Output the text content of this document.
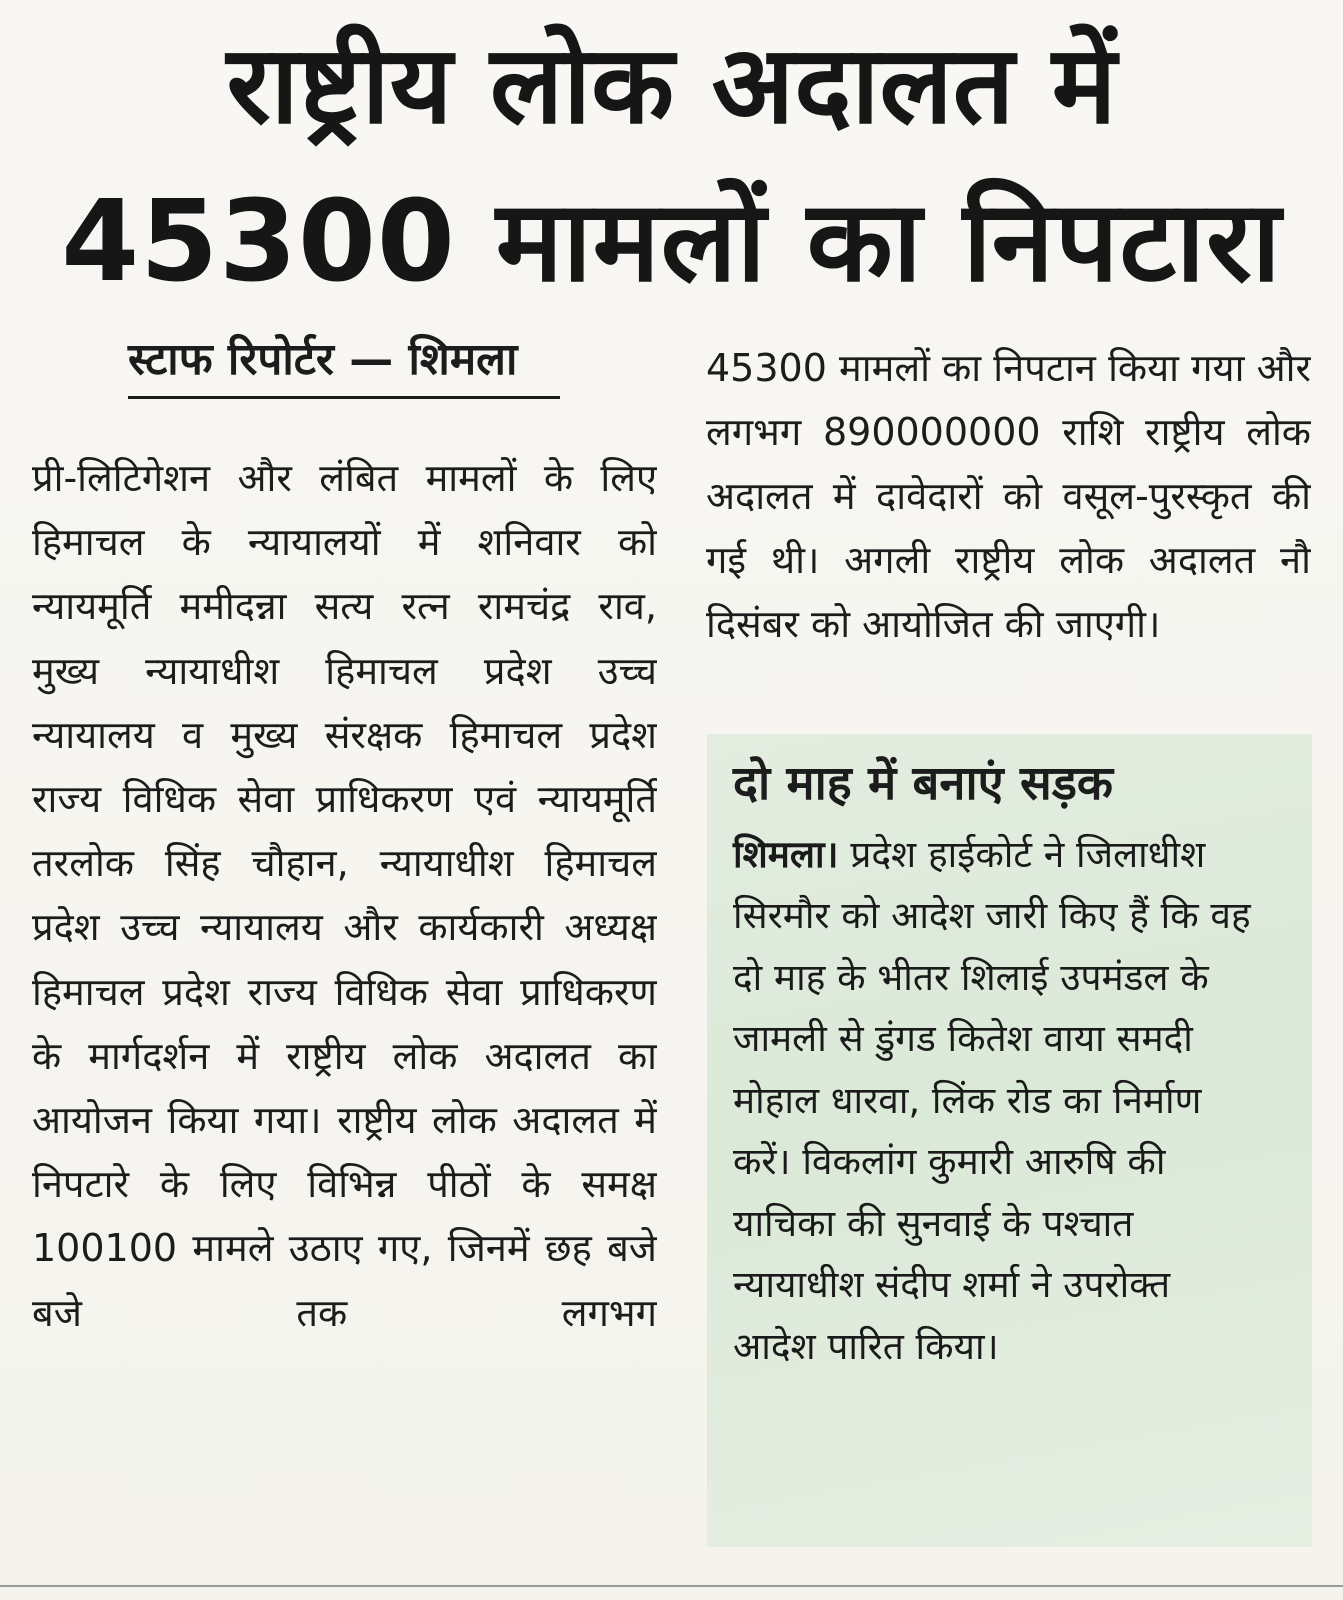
राष्ट्रीय लोक अदालत में
45300 मामलों का निपटारा
स्टाफ रिपोर्टर — शिमला
प्री-लिटिगेशन और लंबित मामलों के लिए हिमाचल के न्यायालयों में शनिवार को न्यायमूर्ति ममीदन्ना सत्य रत्न रामचंद्र राव, मुख्य न्यायाधीश हिमाचल प्रदेश उच्च न्यायालय व मुख्य संरक्षक हिमाचल प्रदेश राज्य विधिक सेवा प्राधिकरण एवं न्यायमूर्ति तरलोक सिंह चौहान, न्यायाधीश हिमाचल प्रदेश उच्च न्यायालय और कार्यकारी अध्यक्ष हिमाचल प्रदेश राज्य विधिक सेवा प्राधिकरण के मार्गदर्शन में राष्ट्रीय लोक अदालत का आयोजन किया गया। राष्ट्रीय लोक अदालत में निपटारे के लिए विभिन्न पीठों के समक्ष 100100 मामले उठाए गए, जिनमें छह बजे बजे तक लगभग
45300 मामलों का निपटान किया गया और लगभग 890000000 राशि राष्ट्रीय लोक अदालत में दावेदारों को वसूल-पुरस्कृत की गई थी। अगली राष्ट्रीय लोक अदालत नौ दिसंबर को आयोजित की जाएगी।
दो माह में बनाएं सड़क
शिमला। प्रदेश हाईकोर्ट ने जिलाधीश सिरमौर को आदेश जारी किए हैं कि वह दो माह के भीतर शिलाई उपमंडल के जामली से डुंगड कितेश वाया समदी मोहाल धारवा, लिंक रोड का निर्माण करें। विकलांग कुमारी आरुषि की याचिका की सुनवाई के पश्चात न्यायाधीश संदीप शर्मा ने उपरोक्त आदेश पारित किया।
